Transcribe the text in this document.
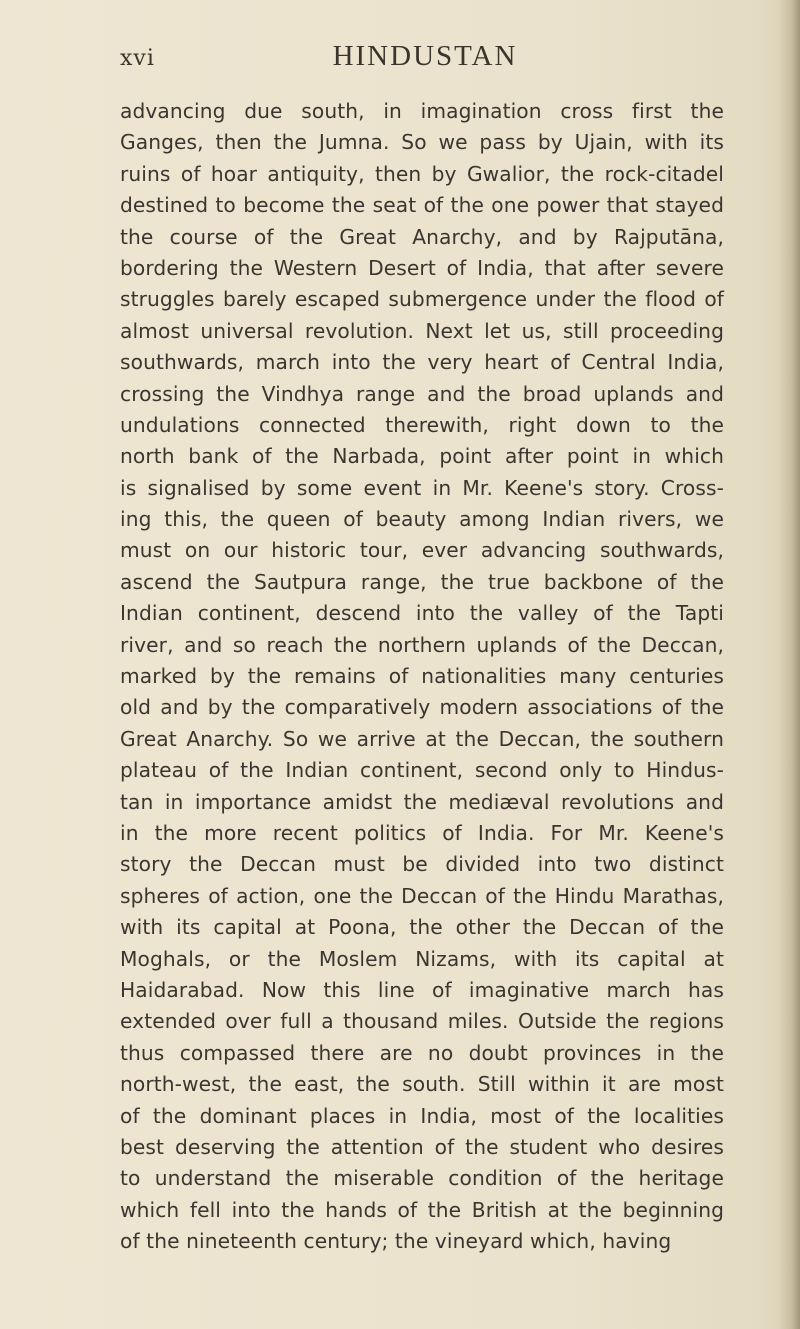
xvi	HINDUSTAN
advancing due south, in imagination cross first the
Ganges, then the Jumna. So we pass by Ujain, with its
ruins of hoar antiquity, then by Gwalior, the rock-citadel
destined to become the seat of the one power that stayed
the course of the Great Anarchy, and by Rajputāna,
bordering the Western Desert of India, that after severe
struggles barely escaped submergence under the flood of
almost universal revolution. Next let us, still proceeding
southwards, march into the very heart of Central India,
crossing the Vindhya range and the broad uplands and
undulations connected therewith, right down to the
north bank of the Narbada, point after point in which
is signalised by some event in Mr. Keene's story. Cross-
ing this, the queen of beauty among Indian rivers, we
must on our historic tour, ever advancing southwards,
ascend the Sautpura range, the true backbone of the
Indian continent, descend into the valley of the Tapti
river, and so reach the northern uplands of the Deccan,
marked by the remains of nationalities many centuries
old and by the comparatively modern associations of the
Great Anarchy. So we arrive at the Deccan, the southern
plateau of the Indian continent, second only to Hindus-
tan in importance amidst the mediæval revolutions and
in the more recent politics of India. For Mr. Keene's
story the Deccan must be divided into two distinct
spheres of action, one the Deccan of the Hindu Marathas,
with its capital at Poona, the other the Deccan of the
Moghals, or the Moslem Nizams, with its capital at
Haidarabad. Now this line of imaginative march has
extended over full a thousand miles. Outside the regions
thus compassed there are no doubt provinces in the
north-west, the east, the south. Still within it are most
of the dominant places in India, most of the localities
best deserving the attention of the student who desires
to understand the miserable condition of the heritage
which fell into the hands of the British at the beginning
of the nineteenth century; the vineyard which, having
